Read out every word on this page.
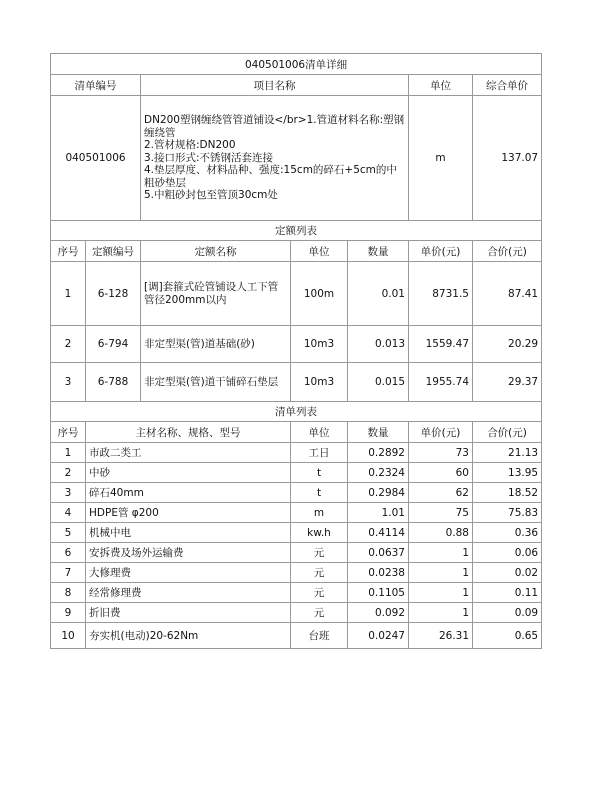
040501006清单详细						
清单编号		项目名称			单位	综合单价
040501006		DN200塑钢缠绕管管道铺设</br>1.管道材料名称:塑钢缠绕管
2.管材规格:DN200
3.接口形式:不锈钢活套连接
4.垫层厚度、材料品种、强度:15cm的碎石+5cm的中粗砂垫层
5.中粗砂封包至管顶30cm处			m	137.07
定额列表						
序号	定额编号	定额名称	单位	数量	单价(元)	合价(元)
1	6-128	[调]套箍式砼管铺设人工下管管径200mm以内	100m	0.01	8731.5	87.41
2	6-794	非定型渠(管)道基础(砂)	10m3	0.013	1559.47	20.29
3	6-788	非定型渠(管)道干铺碎石垫层	10m3	0.015	1955.74	29.37
清单列表						
序号	主材名称、规格、型号		单位	数量	单价(元)	合价(元)
1	市政二类工		工日	0.2892	73	21.13
2	中砂		t	0.2324	60	13.95
3	碎石40mm		t	0.2984	62	18.52
4	HDPE管 φ200		m	1.01	75	75.83
5	机械中电		kw.h	0.4114	0.88	0.36
6	安拆费及场外运输费		元	0.0637	1	0.06
7	大修理费		元	0.0238	1	0.02
8	经常修理费		元	0.1105	1	0.11
9	折旧费		元	0.092	1	0.09
10	夯实机(电动)20-62Nm		台班	0.0247	26.31	0.65
